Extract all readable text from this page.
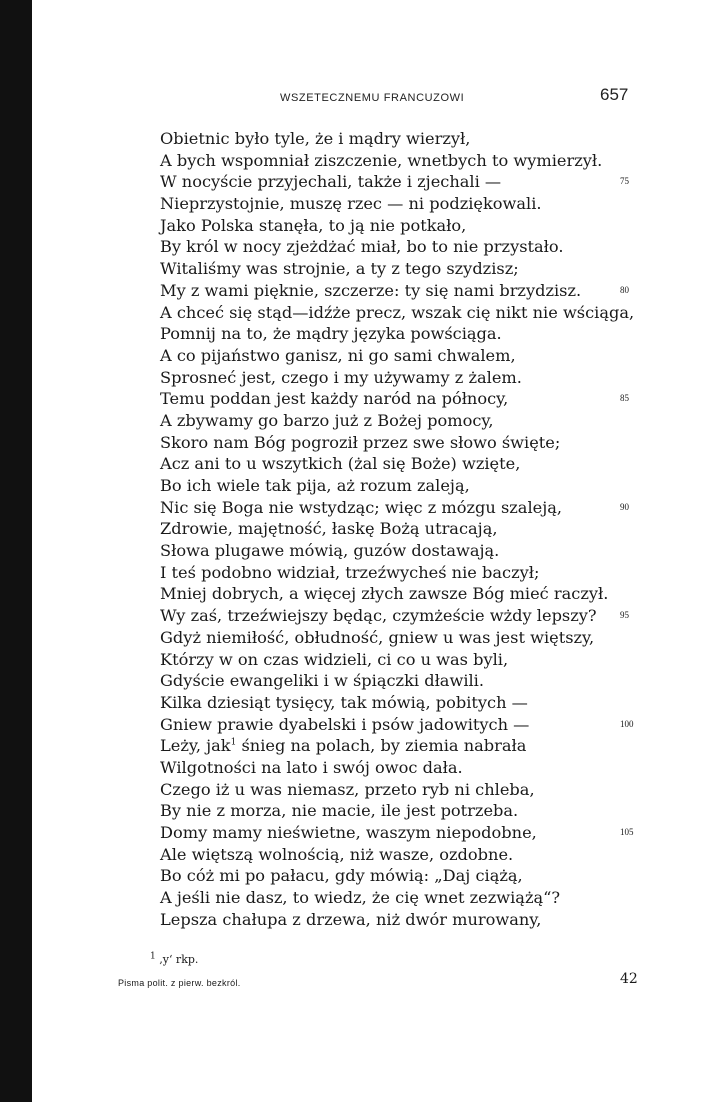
WSZETECZNEMU FRANCUZOWI	657
Obietnic było tyle, że i mądry wierzył,
A bych wspomniał ziszczenie, wnetbych to wymierzył.
W nocyście przyjechali, także i zjechali —	75
Nieprzystojnie, muszę rzec — ni podziękowali.
Jako Polska stanęła, to ją nie potkało,
By król w nocy zjeżdżać miał, bo to nie przystało.
Witaliśmy was strojnie, a ty z tego szydzisz;
My z wami pięknie, szczerze: ty się nami brzydzisz.	80
A chceć się stąd—idźże precz, wszak cię nikt nie wściąga,
Pomnij na to, że mądry języka powściąga.
A co pijaństwo ganisz, ni go sami chwalem,
Sprosneć jest, czego i my używamy z żalem.
Temu poddan jest każdy naród na północy,	85
A zbywamy go barzo już z Bożej pomocy,
Skoro nam Bóg pogroził przez swe słowo święte;
Acz ani to u wszytkich (żal się Boże) wzięte,
Bo ich wiele tak pija, aż rozum zaleją,
Nic się Boga nie wstydząc; więc z mózgu szaleją,	90
Zdrowie, majętność, łaskę Bożą utracają,
Słowa plugawe mówią, guzów dostawają.
I teś podobno widział, trzeźwycheś nie baczył;
Mniej dobrych, a więcej złych zawsze Bóg mieć raczył.
Wy zaś, trzeźwiejszy będąc, czymżeście wżdy lepszy?	95
Gdyż niemiłość, obłudność, gniew u was jest więtszy,
Którzy w on czas widzieli, ci co u was byli,
Gdyście ewangeliki i w śpiączki dławili.
Kilka dziesiąt tysięcy, tak mówią, pobitych —
Gniew prawie dyabelski i psów jadowitych —	100
Leży, jak$^1$ śnieg na polach, by ziemia nabrała
Wilgotności na lato i swój owoc dała.
Czego iż u was niemasz, przeto ryb ni chleba,
By nie z morza, nie macie, ile jest potrzeba.
Domy mamy nieświetne, waszym niepodobne,	105
Ale więtszą wolnością, niż wasze, ozdobne.
Bo cóż mi po pałacu, gdy mówią: „Daj ciążą,
A jeśli nie dasz, to wiedz, że cię wnet zezwiążą“?
Lepsza chałupa z drzewa, niż dwór murowany,
$^1$ ‚y‘ rkp.
Pisma polit. z pierw. bezkról.	42
